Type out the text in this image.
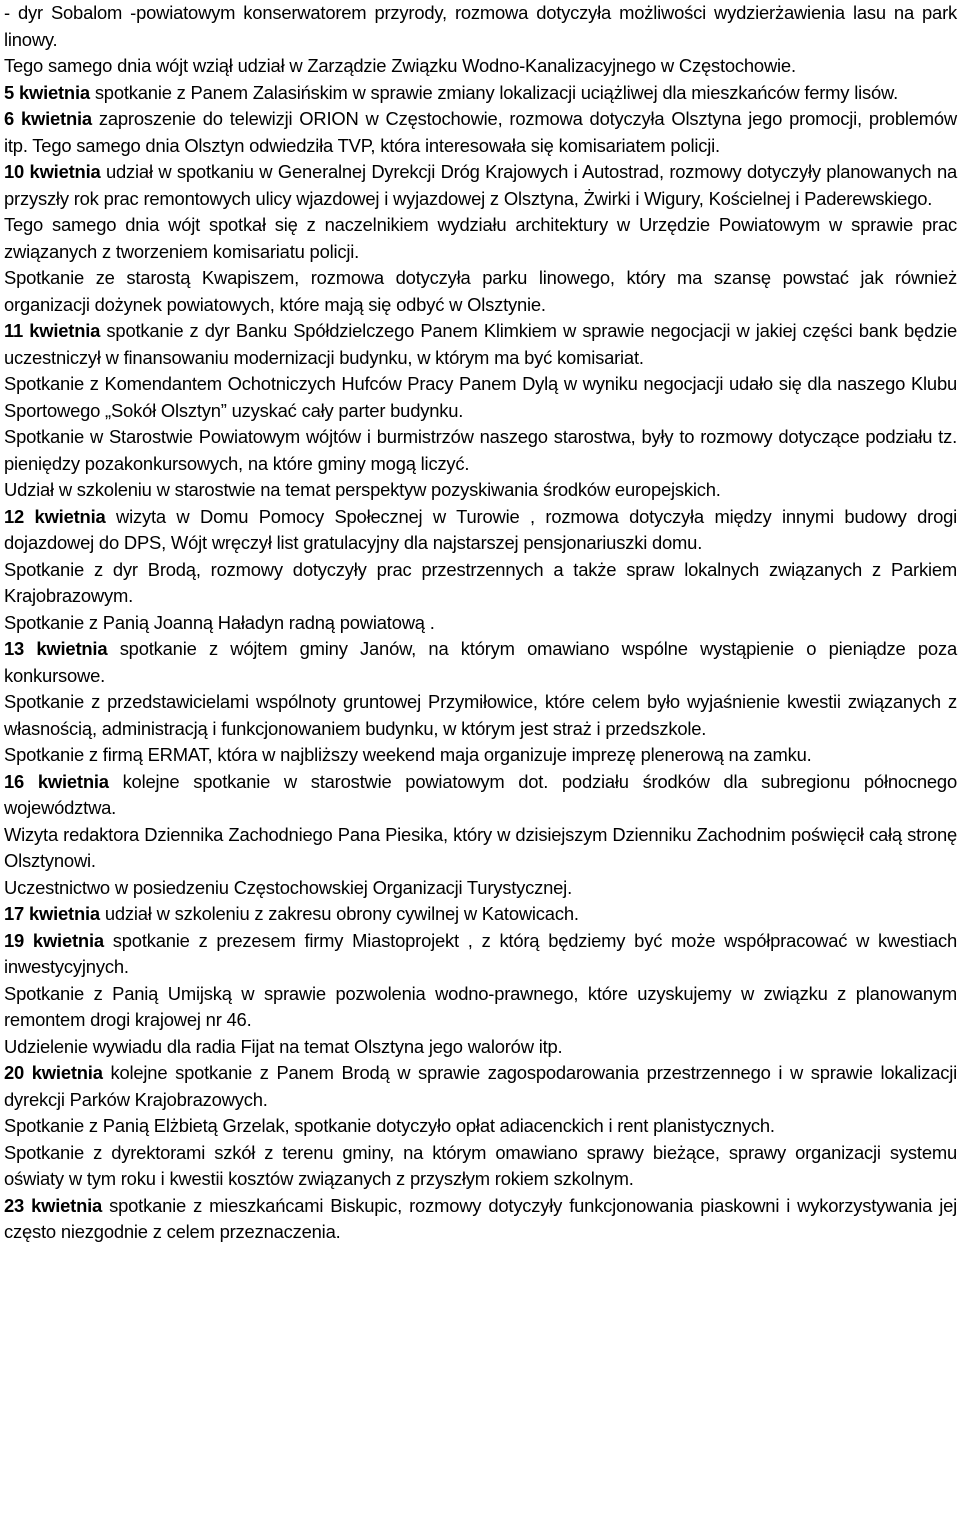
- dyr Sobalom -powiatowym konserwatorem przyrody, rozmowa dotyczyła możliwości wydzierżawienia lasu na park linowy.

Tego samego dnia wójt wziął udział w Zarządzie Związku Wodno-Kanalizacyjnego w Częstochowie.

5 kwietnia spotkanie z Panem Zalasińskim w sprawie zmiany lokalizacji uciążliwej dla mieszkańców fermy lisów.

6 kwietnia zaproszenie do telewizji ORION w Częstochowie, rozmowa dotyczyła Olsztyna jego promocji, problemów itp. Tego samego dnia Olsztyn odwiedziła TVP, która interesowała się komisariatem policji.

10 kwietnia udział w spotkaniu w Generalnej Dyrekcji Dróg Krajowych i Autostrad, rozmowy dotyczyły planowanych na przyszły rok prac remontowych ulicy wjazdowej i wyjazdowej z Olsztyna, Żwirki i Wigury, Kościelnej i Paderewskiego.

Tego samego dnia wójt spotkał się z naczelnikiem wydziału architektury w Urzędzie Powiatowym w sprawie prac związanych z tworzeniem komisariatu policji.

Spotkanie ze starostą Kwapiszem, rozmowa dotyczyła parku linowego, który ma szansę powstać jak również organizacji dożynek powiatowych, które mają się odbyć w Olsztynie.

11 kwietnia spotkanie z dyr Banku Spółdzielczego Panem Klimkiem w sprawie negocjacji w jakiej części bank będzie uczestniczył w finansowaniu modernizacji budynku, w którym ma być komisariat.

Spotkanie z Komendantem Ochotniczych Hufców Pracy Panem Dylą w wyniku negocjacji udało się dla naszego Klubu Sportowego „Sokół Olsztyn” uzyskać cały parter budynku.

Spotkanie w Starostwie Powiatowym wójtów i burmistrzów naszego starostwa, były to rozmowy dotyczące podziału tz. pieniędzy pozakonkursowych, na które gminy mogą liczyć.

Udział w szkoleniu w starostwie na temat perspektyw pozyskiwania środków europejskich.

12 kwietnia wizyta w Domu Pomocy Społecznej w Turowie , rozmowa dotyczyła między innymi budowy drogi dojazdowej do DPS, Wójt wręczył list gratulacyjny dla najstarszej pensjonariuszki domu.

Spotkanie z dyr Brodą, rozmowy dotyczyły prac przestrzennych a także spraw lokalnych związanych z Parkiem Krajobrazowym.

Spotkanie z Panią Joanną Haładyn radną powiatową .

13 kwietnia spotkanie z wójtem gminy Janów, na którym omawiano wspólne wystąpienie o pieniądze poza konkursowe.

Spotkanie z przedstawicielami wspólnoty gruntowej Przymiłowice, które celem było wyjaśnienie kwestii związanych z własnością, administracją i funkcjonowaniem budynku, w którym jest straż i przedszkole.

Spotkanie z firmą ERMAT, która w najbliższy weekend maja organizuje imprezę plenerową na zamku.

16 kwietnia kolejne spotkanie w starostwie powiatowym dot. podziału środków dla subregionu północnego województwa.

Wizyta redaktora Dziennika Zachodniego Pana Piesika, który w dzisiejszym Dzienniku Zachodnim poświęcił całą stronę Olsztynowi.

Uczestnictwo w posiedzeniu Częstochowskiej Organizacji Turystycznej.

17 kwietnia udział w szkoleniu z zakresu obrony cywilnej w Katowicach.

19 kwietnia spotkanie z prezesem firmy Miastoprojekt , z którą będziemy być może współpracować w kwestiach inwestycyjnych.

Spotkanie z Panią Umijską w sprawie pozwolenia wodno-prawnego, które uzyskujemy w związku z planowanym remontem drogi krajowej nr 46.

Udzielenie wywiadu dla radia Fijat na temat Olsztyna jego walorów itp.

20 kwietnia kolejne spotkanie z Panem Brodą w sprawie zagospodarowania przestrzennego i w sprawie lokalizacji dyrekcji Parków Krajobrazowych.

Spotkanie z Panią Elżbietą Grzelak, spotkanie dotyczyło opłat adiacenckich i rent planistycznych.

Spotkanie z dyrektorami szkół z terenu gminy, na którym omawiano sprawy bieżące, sprawy organizacji systemu oświaty w tym roku i kwestii kosztów związanych z przyszłym rokiem szkolnym.

23 kwietnia spotkanie z mieszkańcami Biskupic, rozmowy dotyczyły funkcjonowania piaskowni i wykorzystywania jej często niezgodnie z celem przeznaczenia.
